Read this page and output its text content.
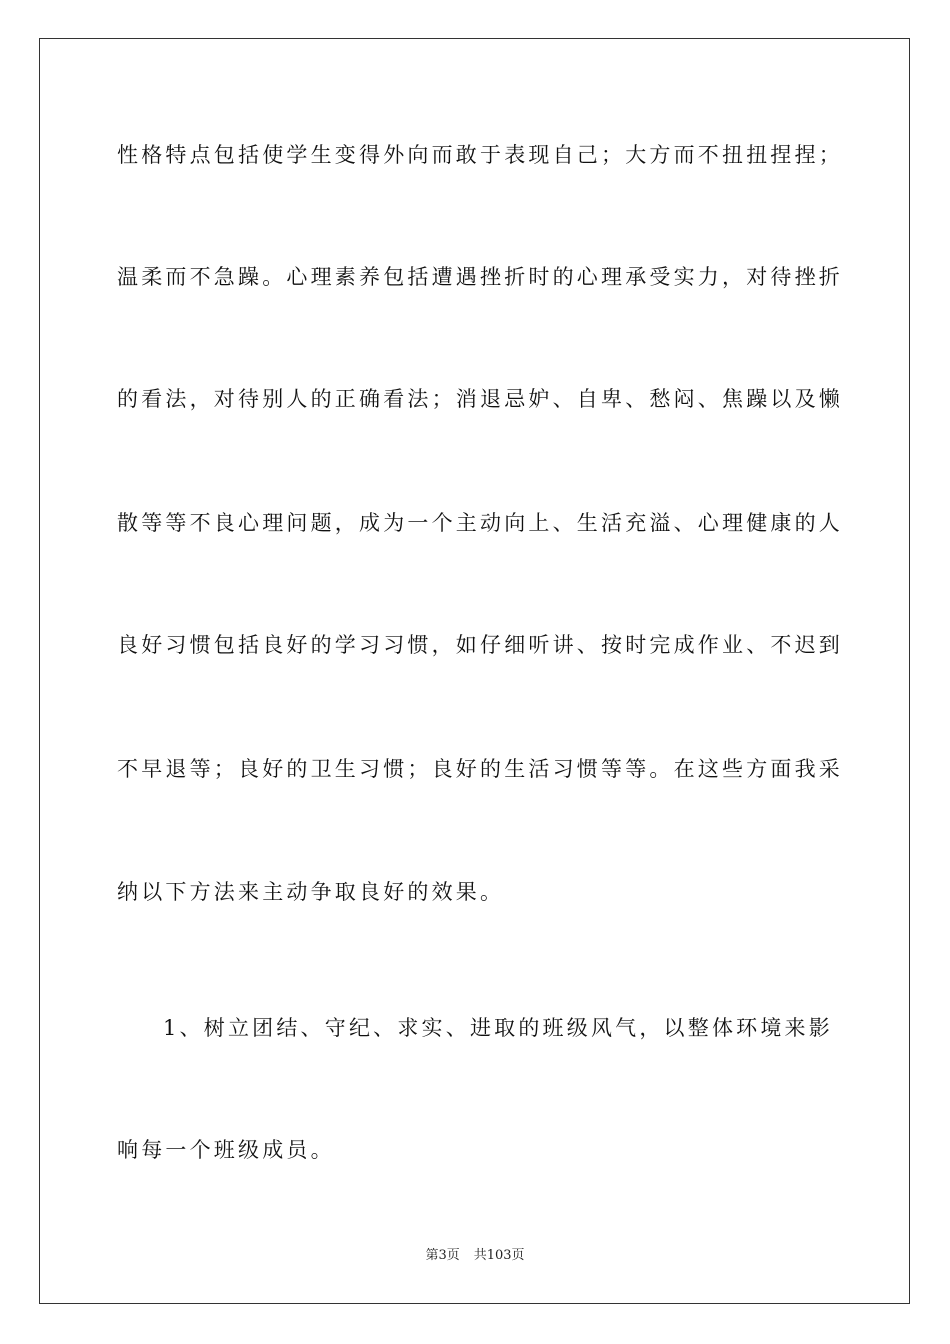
性格特点包括使学生变得外向而敢于表现自己；大方而不扭扭捏捏；
温柔而不急躁。心理素养包括遭遇挫折时的心理承受实力，对待挫折
的看法，对待别人的正确看法；消退忌妒、自卑、愁闷、焦躁以及懒
散等等不良心理问题，成为一个主动向上、生活充溢、心理健康的人
良好习惯包括良好的学习习惯，如仔细听讲、按时完成作业、不迟到
不早退等；良好的卫生习惯；良好的生活习惯等等。在这些方面我采
纳以下方法来主动争取良好的效果。
1、树立团结、守纪、求实、进取的班级风气，以整体环境来影
响每一个班级成员。
第3页 共103页
